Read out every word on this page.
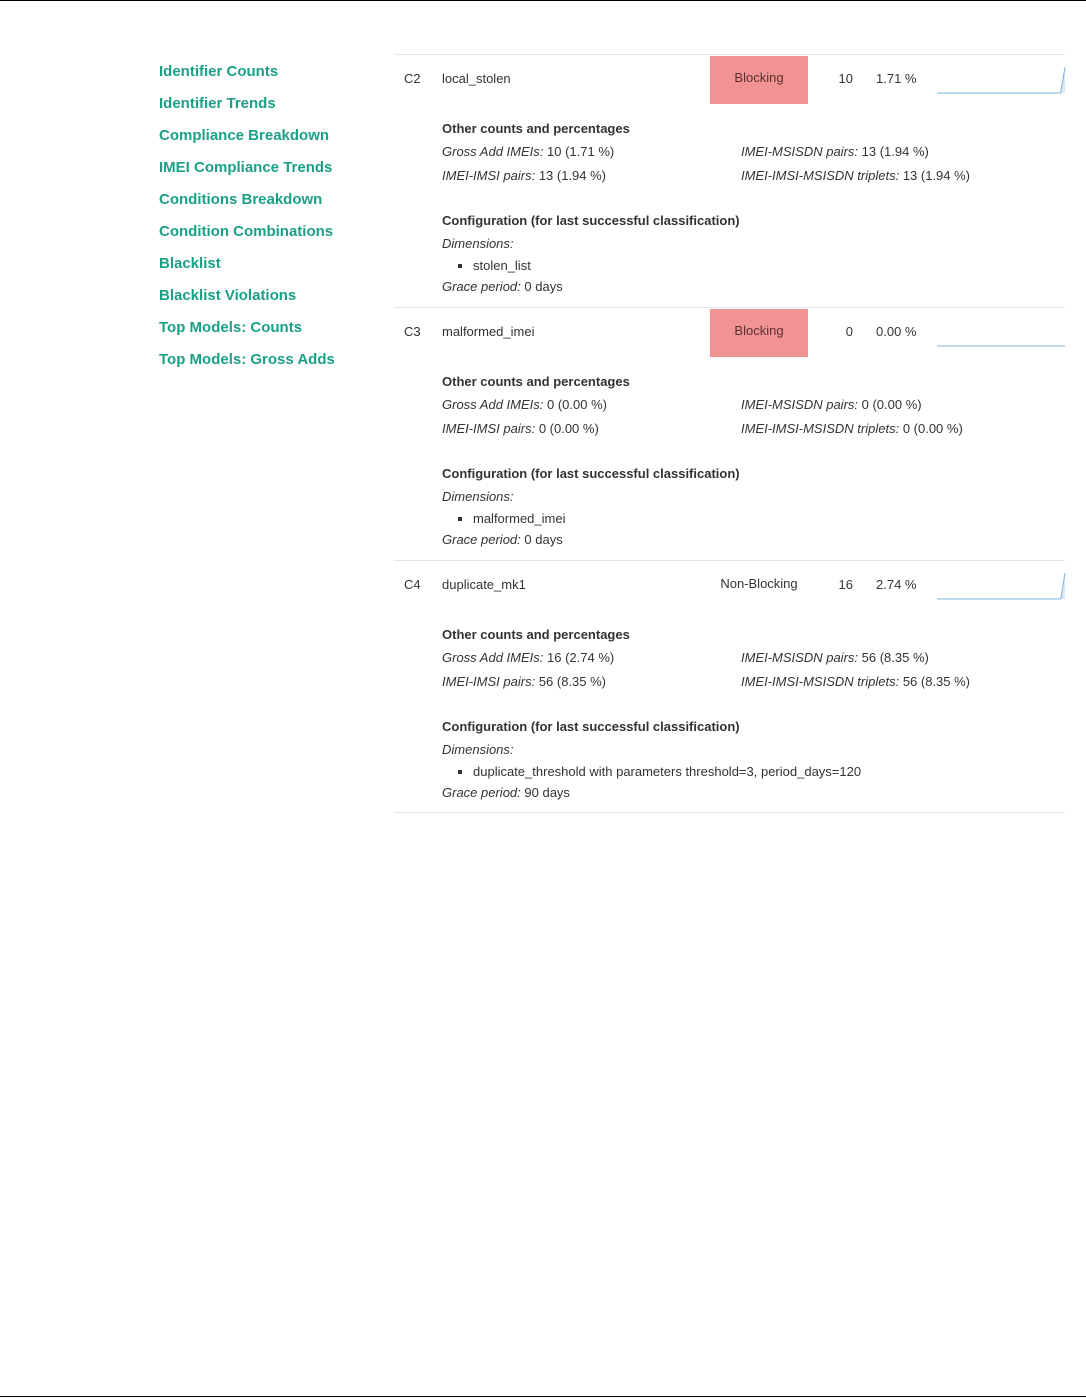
Identifier Counts
Identifier Trends
Compliance Breakdown
IMEI Compliance Trends
Conditions Breakdown
Condition Combinations
Blacklist
Blacklist Violations
Top Models: Counts
Top Models: Gross Adds
C2 local_stolen	Blocking	10 1.71 %
Other counts and percentages
Gross Add IMEIs: 10 (1.71 %)	IMEI-MSISDN pairs: 13 (1.94 %)
IMEI-IMSI pairs: 13 (1.94 %)	IMEI-IMSI-MSISDN triplets: 13 (1.94 %)
Configuration (for last successful classification)
Dimensions:
stolen_list
Grace period: 0 days
C3 malformed_imei	Blocking	0 0.00 %
Other counts and percentages
Gross Add IMEIs: 0 (0.00 %)	IMEI-MSISDN pairs: 0 (0.00 %)
IMEI-IMSI pairs: 0 (0.00 %)	IMEI-IMSI-MSISDN triplets: 0 (0.00 %)
Configuration (for last successful classification)
Dimensions:
malformed_imei
Grace period: 0 days
C4 duplicate_mk1	Non-Blocking	16 2.74 %
Other counts and percentages
Gross Add IMEIs: 16 (2.74 %)	IMEI-MSISDN pairs: 56 (8.35 %)
IMEI-IMSI pairs: 56 (8.35 %)	IMEI-IMSI-MSISDN triplets: 56 (8.35 %)
Configuration (for last successful classification)
Dimensions:
duplicate_threshold with parameters threshold=3, period_days=120
Grace period: 90 days
